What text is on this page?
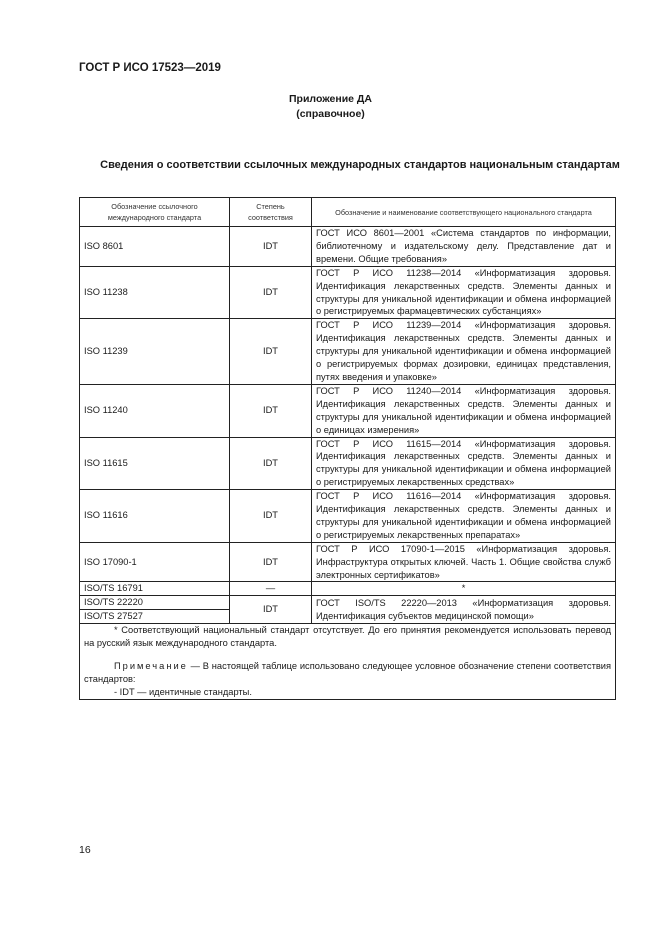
ГОСТ Р ИСО 17523—2019
Приложение ДА
(справочное)
Сведения о соответствии ссылочных международных стандартов национальным стандартам
Обозначение ссылочного международного стандарта	Степень соответствия	Обозначение и наименование соответствующего национального стандарта
ISO 8601	IDT	ГОСТ ИСО 8601—2001 «Система стандартов по информации, библиотечному и издательскому делу. Представление дат и времени. Общие требования»
ISO 11238	IDT	ГОСТ Р ИСО 11238—2014 «Информатизация здоровья. Идентификация лекарственных средств. Элементы данных и структуры для уникальной идентификации и обмена информацией о регистрируемых фармацевтических субстанциях»
ISO 11239	IDT	ГОСТ Р ИСО 11239—2014 «Информатизация здоровья. Идентификация лекарственных средств. Элементы данных и структуры для уникальной идентификации и обмена информацией о регистрируемых формах дозировки, единицах представления, путях введения и упаковке»
ISO 11240	IDT	ГОСТ Р ИСО 11240—2014 «Информатизация здоровья. Идентификация лекарственных средств. Элементы данных и структуры для уникальной идентификации и обмена информацией о единицах измерения»
ISO 11615	IDT	ГОСТ Р ИСО 11615—2014 «Информатизация здоровья. Идентификация лекарственных средств. Элементы данных и структуры для уникальной идентификации и обмена информацией о регистрируемых лекарственных средствах»
ISO 11616	IDT	ГОСТ Р ИСО 11616—2014 «Информатизация здоровья. Идентификация лекарственных средств. Элементы данных и структуры для уникальной идентификации и обмена информацией о регистрируемых лекарственных препаратах»
ISO 17090-1	IDT	ГОСТ Р ИСО 17090-1—2015 «Информатизация здоровья. Инфраструктура открытых ключей. Часть 1. Общие свойства служб электронных сертификатов»
ISO/TS 16791	—	*
ISO/TS 22220	IDT	ГОСТ ISO/TS 22220—2013 «Информатизация здоровья. Идентификация субъектов медицинской помощи»
ISO/TS 27527		

* Соответствующий национальный стандарт отсутствует. До его принятия рекомендуется использовать перевод на русский язык международного стандарта.

Примечание — В настоящей таблице использовано следующее условное обозначение степени соответствия стандартов:

- IDT — идентичные стандарты.		
16
